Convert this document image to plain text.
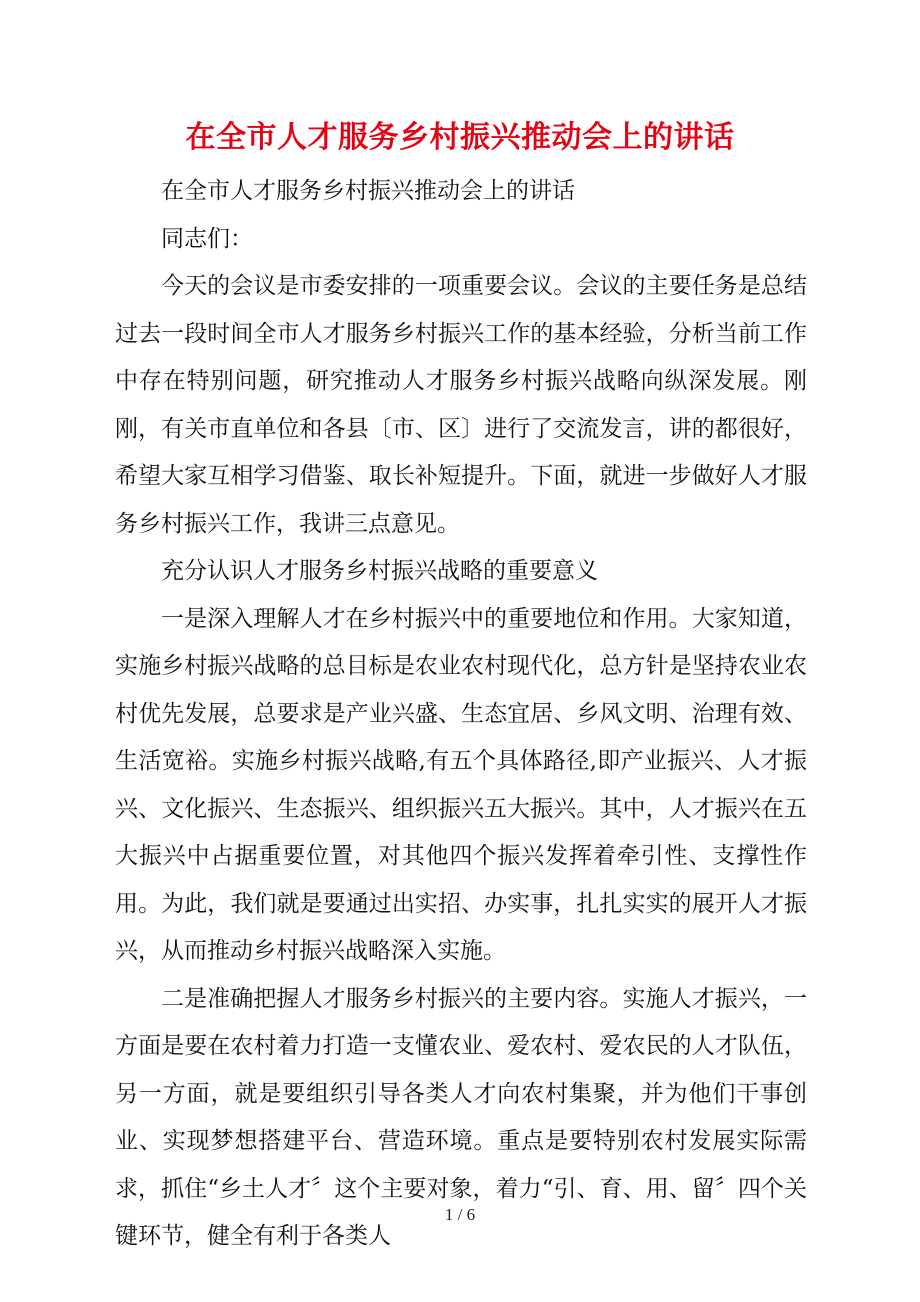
在全市人才服务乡村振兴推动会上的讲话

在全市人才服务乡村振兴推动会上的讲话

同志们：

今天的会议是市委安排的一项重要会议。会议的主要任务是总结过去一段时间全市人才服务乡村振兴工作的基本经验，分析当前工作中存在特别问题，研究推动人才服务乡村振兴战略向纵深发展。刚刚，有关市直单位和各县〔市、区〕进行了交流发言，讲的都很好，希望大家互相学习借鉴、取长补短提升。下面，就进一步做好人才服务乡村振兴工作，我讲三点意见。

充分认识人才服务乡村振兴战略的重要意义

一是深入理解人才在乡村振兴中的重要地位和作用。大家知道，实施乡村振兴战略的总目标是农业农村现代化，总方针是坚持农业农村优先发展，总要求是产业兴盛、生态宜居、乡风文明、治理有效、生活宽裕。实施乡村振兴战略,有五个具体路径,即产业振兴、人才振兴、文化振兴、生态振兴、组织振兴五大振兴。其中，人才振兴在五大振兴中占据重要位置，对其他四个振兴发挥着牵引性、支撑性作用。为此，我们就是要通过出实招、办实事，扎扎实实的展开人才振兴，从而推动乡村振兴战略深入实施。

二是准确把握人才服务乡村振兴的主要内容。实施人才振兴，一方面是要在农村着力打造一支懂农业、爱农村、爱农民的人才队伍，另一方面，就是要组织引导各类人才向农村集聚，并为他们干事创业、实现梦想搭建平台、营造环境。重点是要特别农村发展实际需求，抓住“乡土人才〞这个主要对象，着力“引、育、用、留〞四个关键环节，健全有利于各类人

1 / 6
